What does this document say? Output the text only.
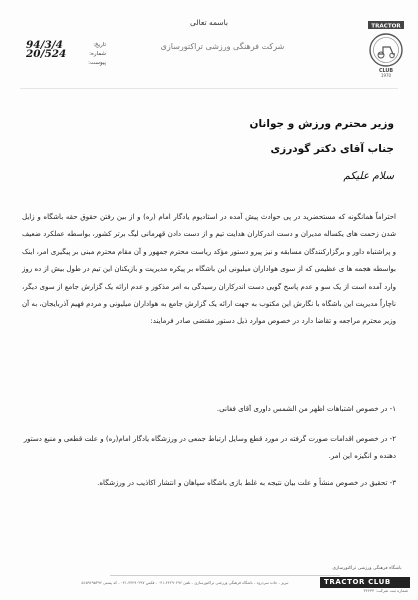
باسمه تعالی
شرکت فرهنگی ورزشی تراکتورسازی
TRACTOR
CLUB
1970
تاریخ:
94/3/4
شماره:
20/524
پیوست:
وزیر محترم ورزش و جوانان
جناب آقای دکتر گودرزی
سلام علیکم

احتراماً همانگونه که مستحضرید در پی حوادث پیش آمده در استادیوم یادگار امام (ره) و از بین رفتن حقوق حقه باشگاه و زایل شدن زحمت های یکساله مدیران و دست اندرکاران هدایت تیم و از دست دادن قهرمانی لیگ برتر کشور، بواسطه عملکرد ضعیف و پراشتباه داور و برگزارکنندگان مسابقه و نیز پیرو دستور مؤکد ریاست محترم جمهور و آن مقام محترم مبنی بر پیگیری امر، اینک بواسطه هجمه ها ی عظیمی که از سوی هواداران میلیونی این باشگاه بر پیکره مدیریت و بازیکنان این تیم در طول بیش از ده روز وارد آمده است از یک سو و عدم پاسخ گویی دست اندرکاران رسیدگی به امر مذکور و عدم ارائه یک گزارش جامع از سوی دیگر، ناچاراً مدیریت این باشگاه با نگارش این مکتوب به جهت ارائه یک گزارش جامع به هواداران میلیونی و مردم فهیم آذربایجان، به آن وزیر محترم مراجعه و تقاضا دارد در خصوص موارد ذیل دستور مقتضی صادر فرمایند:

۱- در خصوص اشتباهات اظهر من الشمس داوری آقای فغانی.

۲- در خصوص اقدامات صورت گرفته در مورد قطع وسایل ارتباط جمعی در ورزشگاه یادگار امام(ره) و علت قطعی و منبع دستور دهنده و انگیزه این امر.

۳- تحقیق در خصوص منشأ و علت بیان نتیجه به غلط بازی باشگاه سپاهان و انتشار اکاذیب در ورزشگاه.

تبریز - جاده سردرود - باشگاه فرهنگی ورزشی تراکتورسازی - تلفن ۴۴۲۹۰۲۹۶-۰۴۱ - فکس ۴۴۲۹۰۲۹۷-۰۴۱ - کد پستی ۵۱۵۹۶۹۵۳۹۶
باشگاه فرهنگی ورزشی تراکتورسازی
TRACTOR CLUB
شماره ثبت شرکت: ۳۴۴۳۳
